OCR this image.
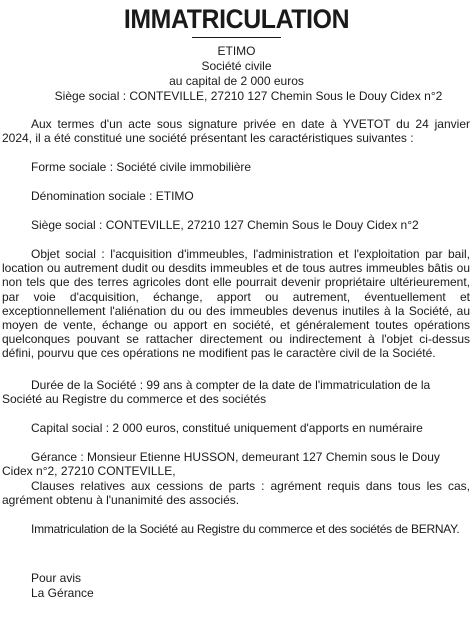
IMMATRICULATION
ETIMO
Société civile
au capital de 2 000 euros
Siège social : CONTEVILLE, 27210 127 Chemin Sous le Douy Cidex n°2
Aux termes d'un acte sous signature privée en date à YVETOT du 24 janvier 2024, il a été constitué une société présentant les caractéristiques suivantes :
Forme sociale : Société civile immobilière
Dénomination sociale : ETIMO
Siège social : CONTEVILLE, 27210 127 Chemin Sous le Douy Cidex n°2
Objet social : l'acquisition d'immeubles, l'administration et l'exploitation par bail, location ou autrement dudit ou desdits immeubles et de tous autres immeubles bâtis ou non tels que des terres agricoles dont elle pourrait devenir propriétaire ultérieurement, par voie d'acquisition, échange, apport ou autrement, éventuellement et exceptionnellement l'aliénation du ou des immeubles devenus inutiles à la Société, au moyen de vente, échange ou apport en société, et généralement toutes opérations quelconques pouvant se rattacher directement ou indirectement à l'objet ci-dessus défini, pourvu que ces opérations ne modifient pas le caractère civil de la Société.
Durée de la Société : 99 ans à compter de la date de l'immatriculation de la Société au Registre du commerce et des sociétés
Capital social : 2 000 euros, constitué uniquement d'apports en numéraire
Gérance : Monsieur Etienne HUSSON, demeurant 127 Chemin sous le Douy Cidex n°2, 27210 CONTEVILLE,
Clauses relatives aux cessions de parts : agrément requis dans tous les cas, agrément obtenu à l'unanimité des associés.
Immatriculation de la Société au Registre du commerce et des sociétés de BERNAY.
Pour avis
La Gérance
